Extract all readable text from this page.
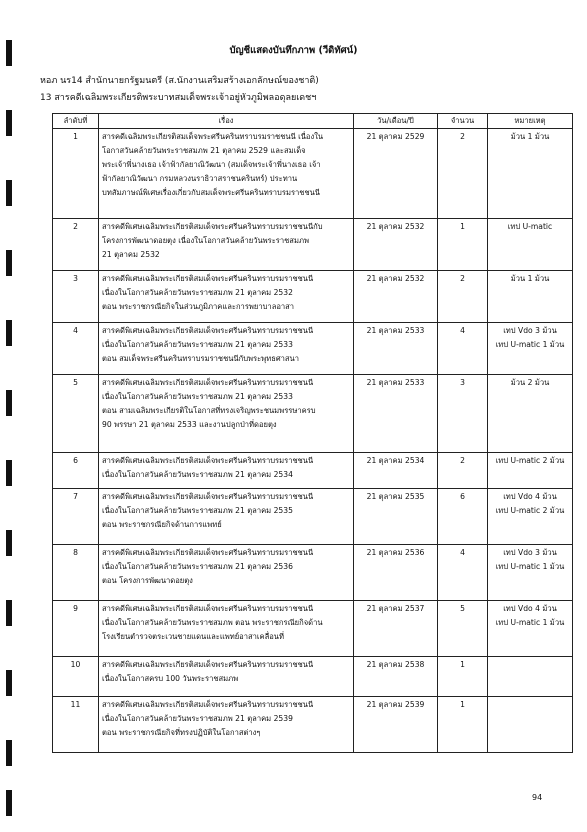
บัญชีแสดงบันทึกภาพ (วีดิทัศน์)
หอภ นร14 สำนักนายกรัฐมนตรี (ส.นักงานเสริมสร้างเอกลักษณ์ของชาติ)
13 สารคดีเฉลิมพระเกียรติพระบาทสมเด็จพระเจ้าอยู่หัวภูมิพลอดุลยเดชฯ
ลำดับที่	เรื่อง	วัน/เดือน/ปี	จำนวน	หมายเหตุ
1	สารคดีเฉลิมพระเกียรติสมเด็จพระศรีนครินทราบรมราชชนนี เนื่องใน
โอกาสวันคล้ายวันพระราชสมภพ 21 ตุลาคม 2529 และสมเด็จ
พระเจ้าพี่นางเธอ เจ้าฟ้ากัลยาณิวัฒนา (สมเด็จพระเจ้าพี่นางเธอ เจ้า
ฟ้ากัลยาณิวัฒนา กรมหลวงนราธิวาสราชนครินทร์) ประทาน
บทสัมภาษณ์พิเศษเรื่องเกี่ยวกับสมเด็จพระศรีนครินทราบรมราชชนนี	21 ตุลาคม 2529	2	ม้วน 1 ม้วน

2	สารคดีพิเศษเฉลิมพระเกียรติสมเด็จพระศรีนครินทราบรมราชชนนีกับ
โครงการพัฒนาดอยตุง เนื่องในโอกาสวันคล้ายวันพระราชสมภพ
21 ตุลาคม 2532	21 ตุลาคม 2532	1	เทป U-matic

3	สารคดีพิเศษเฉลิมพระเกียรติสมเด็จพระศรีนครินทราบรมราชชนนี
เนื่องในโอกาสวันคล้ายวันพระราชสมภพ 21 ตุลาคม 2532
ตอน พระราชกรณียกิจในส่วนภูมิภาคและการพยาบาลอาสา	21 ตุลาคม 2532	2	ม้วน 1 ม้วน

4	สารคดีพิเศษเฉลิมพระเกียรติสมเด็จพระศรีนครินทราบรมราชชนนี
เนื่องในโอกาสวันคล้ายวันพระราชสมภพ 21 ตุลาคม 2533
ตอน สมเด็จพระศรีนครินทราบรมราชชนนีกับพระพุทธศาสนา	21 ตุลาคม 2533	4	เทป Vdo 3 ม้วน
เทป U-matic 1 ม้วน

5	สารคดีพิเศษเฉลิมพระเกียรติสมเด็จพระศรีนครินทราบรมราชชนนี
เนื่องในโอกาสวันคล้ายวันพระราชสมภพ 21 ตุลาคม 2533
ตอน สามเฉลิมพระเกียรติในโอกาสที่ทรงเจริญพระชนมพรรษาครบ
90 พรรษา 21 ตุลาคม 2533 และงานปลูกป่าที่ดอยตุง	21 ตุลาคม 2533	3	ม้วน 2 ม้วน

6	สารคดีพิเศษเฉลิมพระเกียรติสมเด็จพระศรีนครินทราบรมราชชนนี
เนื่องในโอกาสวันคล้ายวันพระราชสมภพ 21 ตุลาคม 2534	21 ตุลาคม 2534	2	เทป U-matic 2 ม้วน

7	สารคดีพิเศษเฉลิมพระเกียรติสมเด็จพระศรีนครินทราบรมราชชนนี
เนื่องในโอกาสวันคล้ายวันพระราชสมภพ 21 ตุลาคม 2535
ตอน พระราชกรณียกิจด้านการแพทย์	21 ตุลาคม 2535	6	เทป Vdo 4 ม้วน
เทป U-matic 2 ม้วน

8	สารคดีพิเศษเฉลิมพระเกียรติสมเด็จพระศรีนครินทราบรมราชชนนี
เนื่องในโอกาสวันคล้ายวันพระราชสมภพ 21 ตุลาคม 2536
ตอน โครงการพัฒนาดอยตุง	21 ตุลาคม 2536	4	เทป Vdo 3 ม้วน
เทป U-matic 1 ม้วน

9	สารคดีพิเศษเฉลิมพระเกียรติสมเด็จพระศรีนครินทราบรมราชชนนี
เนื่องในโอกาสวันคล้ายวันพระราชสมภพ ตอน พระราชกรณียกิจด้าน
โรงเรียนตำรวจตระเวนชายแดนและแพทย์อาสาเคลื่อนที่	21 ตุลาคม 2537	5	เทป Vdo 4 ม้วน
เทป U-matic 1 ม้วน

10	สารคดีพิเศษเฉลิมพระเกียรติสมเด็จพระศรีนครินทราบรมราชชนนี
เนื่องในโอกาสครบ 100 วันพระราชสมภพ	21 ตุลาคม 2538	1	

11	สารคดีพิเศษเฉลิมพระเกียรติสมเด็จพระศรีนครินทราบรมราชชนนี
เนื่องในโอกาสวันคล้ายวันพระราชสมภพ 21 ตุลาคม 2539
ตอน พระราชกรณียกิจที่ทรงปฏิบัติในโอกาสต่างๆ	21 ตุลาคม 2539	1	
94
